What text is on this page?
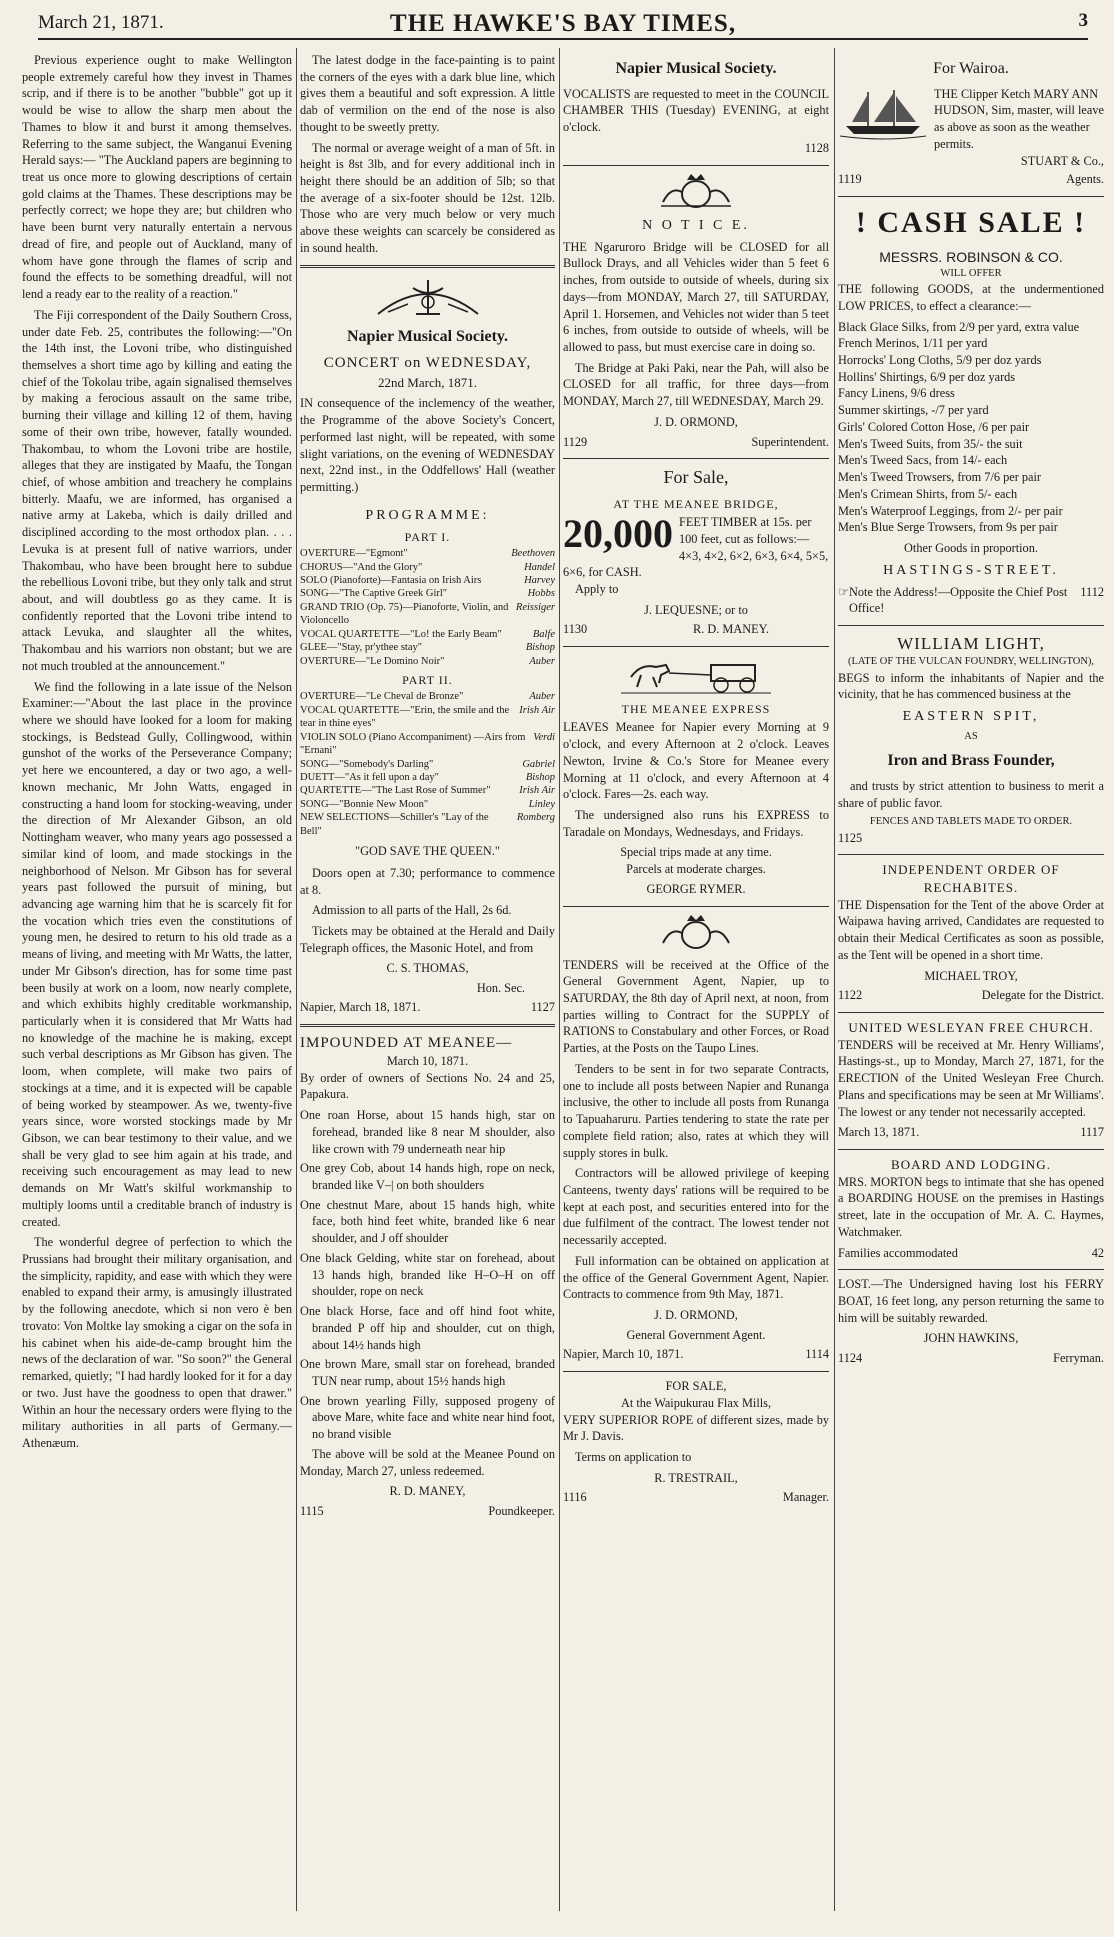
March 21, 1871.	THE HAWKE'S BAY TIMES,	3

Previous experience ought to make Wellington people extremely careful how they invest in Thames scrip, and if there is to be another "bubble" got up it would be wise to allow the sharp men about the Thames to blow it and burst it among themselves. Referring to the same subject, the Wanganui Evening Herald says:— "The Auckland papers are beginning to treat us once more to glowing descriptions of certain gold claims at the Thames. These descriptions may be perfectly correct; we hope they are; but children who have been burnt very naturally entertain a nervous dread of fire, and people out of Auckland, many of whom have gone through the flames of scrip and found the effects to be something dreadful, will not lend a ready ear to the reality of a reaction."

The Fiji correspondent of the Daily Southern Cross, under date Feb. 25, contributes the following:—"On the 14th inst, the Lovoni tribe, who distinguished themselves a short time ago by killing and eating the chief of the Tokolau tribe, again signalised themselves by making a ferocious assault on the same tribe, burning their village and killing 12 of them, having some of their own tribe, however, fatally wounded. Thakombau, to whom the Lovoni tribe are hostile, alleges that they are instigated by Maafu, the Tongan chief, of whose ambition and treachery he complains bitterly. Maafu, we are informed, has organised a native army at Lakeba, which is daily drilled and disciplined according to the most orthodox plan. . . . Levuka is at present full of native warriors, under Thakombau, who have been brought here to subdue the rebellious Lovoni tribe, but they only talk and strut about, and will doubtless go as they came. It is confidently reported that the Lovoni tribe intend to attack Levuka, and slaughter all the whites, Thakombau and his warriors non obstant; but we are not much troubled at the announcement."

We find the following in a late issue of the Nelson Examiner:—"About the last place in the province where we should have looked for a loom for making stockings, is Bedstead Gully, Collingwood, within gunshot of the works of the Perseverance Company; yet here we encountered, a day or two ago, a well-known mechanic, Mr John Watts, engaged in constructing a hand loom for stocking-weaving, under the direction of Mr Alexander Gibson, an old Nottingham weaver, who many years ago possessed a similar kind of loom, and made stockings in the neighborhood of Nelson. Mr Gibson has for several years past followed the pursuit of mining, but advancing age warning him that he is scarcely fit for the vocation which tries even the constitutions of young men, he desired to return to his old trade as a means of living, and meeting with Mr Watts, the latter, under Mr Gibson's direction, has for some time past been busily at work on a loom, now nearly complete, and which exhibits highly creditable workmanship, particularly when it is considered that Mr Watts had no knowledge of the machine he is making, except such verbal descriptions as Mr Gibson has given. The loom, when complete, will make two pairs of stockings at a time, and it is expected will be capable of being worked by steampower. As we, twenty-five years since, wore worsted stockings made by Mr Gibson, we can bear testimony to their value, and we shall be very glad to see him again at his trade, and receiving such encouragement as may lead to new demands on Mr Watt's skilful workmanship to multiply looms until a creditable branch of industry is created.

The wonderful degree of perfection to which the Prussians had brought their military organisation, and the simplicity, rapidity, and ease with which they were enabled to expand their army, is amusingly illustrated by the following anecdote, which si non vero è ben trovato: Von Moltke lay smoking a cigar on the sofa in his cabinet when his aide-de-camp brought him the news of the declaration of war. "So soon?" the General remarked, quietly; "I had hardly looked for it for a day or two. Just have the goodness to open that drawer." Within an hour the necessary orders were flying to the military authorities in all parts of Germany.—Athenæum.

The latest dodge in the face-painting is to paint the corners of the eyes with a dark blue line, which gives them a beautiful and soft expression. A little dab of vermilion on the end of the nose is also thought to be sweetly pretty.

The normal or average weight of a man of 5ft. in height is 8st 3lb, and for every additional inch in height there should be an addition of 5lb; so that the average of a six-footer should be 12st. 12lb. Those who are very much below or very much above these weights can scarcely be considered as in sound health.

Napier Musical Society.
CONCERT on WEDNESDAY,
22nd March, 1871.

IN consequence of the inclemency of the weather, the Programme of the above Society's Concert, performed last night, will be repeated, with some slight variations, on the evening of WEDNESDAY next, 22nd inst., in the Oddfellows' Hall (weather permitting.)

PROGRAMME:
PART I.
OVERTURE—"Egmont"	Beethoven
CHORUS—"And the Glory"	Handel
SOLO (Pianoforte)—Fantasia on Irish Airs	Harvey
SONG—"The Captive Greek Girl"	Hobbs
GRAND TRIO (Op. 75)—Pianoforte, Violin, and Violoncello
Reissiger
VOCAL QUARTETTE—"Lo! the Early Beam"	Balfe
GLEE—"Stay, pr'ythee stay"	Bishop
OVERTURE—"Le Domino Noir"	Auber
PART II.
OVERTURE—"Le Cheval de Bronze"	Auber
VOCAL QUARTETTE—"Erin, the smile and the tear in thine eyes"
Irish Air
VIOLIN SOLO (Piano Accompaniment) —Airs from "Ernani"
Verdi
SONG—"Somebody's Darling"	Gabriel
DUETT—"As it fell upon a day"	Bishop
QUARTETTE—"The Last Rose of Summer"	Irish Air
SONG—"Bonnie New Moon"	Linley
NEW SELECTIONS—Schiller's "Lay of the Bell"
Romberg
"GOD SAVE THE QUEEN."

Doors open at 7.30; performance to commence at 8.

Admission to all parts of the Hall, 2s 6d.

Tickets may be obtained at the Herald and Daily Telegraph offices, the Masonic Hotel, and from

C. S. THOMAS,
Hon. Sec.
Napier, March 18, 1871.	1127
IMPOUNDED AT MEANEE—
March 10, 1871.

By order of owners of Sections No. 24 and 25, Papakura.

One roan Horse, about 15 hands high, star on forehead, branded like 8 near M shoulder, also like crown with 79 underneath near hip
One grey Cob, about 14 hands high, rope on neck, branded like V–| on both shoulders
One chestnut Mare, about 15 hands high, white face, both hind feet white, branded like 6 near shoulder, and J off shoulder
One black Gelding, white star on forehead, about 13 hands high, branded like H–O–H on off shoulder, rope on neck
One black Horse, face and off hind foot white, branded P off hip and shoulder, cut on thigh, about 14½ hands high
One brown Mare, small star on forehead, branded TUN near rump, about 15½ hands high
One brown yearling Filly, supposed progeny of above Mare, white face and white near hind foot, no brand visible

The above will be sold at the Meanee Pound on Monday, March 27, unless redeemed.

R. D. MANEY,
1115	Poundkeeper.
Napier Musical Society.

VOCALISTS are requested to meet in the COUNCIL CHAMBER THIS (Tuesday) EVENING, at eight o'clock.

1128
N O T I C E.

THE Ngaruroro Bridge will be CLOSED for all Bullock Drays, and all Vehicles wider than 5 feet 6 inches, from outside to outside of wheels, during six days—from MONDAY, March 27, till SATURDAY, April 1. Horsemen, and Vehicles not wider than 5 teet 6 inches, from outside to outside of wheels, will be allowed to pass, but must exercise care in doing so.

The Bridge at Paki Paki, near the Pah, will also be CLOSED for all traffic, for three days—from MONDAY, March 27, till WEDNESDAY, March 29.

J. D. ORMOND,
1129	Superintendent.
For Sale,
AT THE MEANEE BRIDGE,
20,000 FEET TIMBER at 15s. per 100 feet, cut as follows:— 4×3, 4×2, 6×2, 6×3, 6×4, 5×5, 6×6, for CASH.

Apply to

J. LEQUESNE; or to
1130	R. D. MANEY.
THE MEANEE EXPRESS

LEAVES Meanee for Napier every Morning at 9 o'clock, and every Afternoon at 2 o'clock. Leaves Newton, Irvine & Co.'s Store for Meanee every Morning at 11 o'clock, and every Afternoon at 4 o'clock. Fares—2s. each way.

The undersigned also runs his EXPRESS to Taradale on Mondays, Wednesdays, and Fridays.

Special trips made at any time.
Parcels at moderate charges.
GEORGE RYMER.

TENDERS will be received at the Office of the General Government Agent, Napier, up to SATURDAY, the 8th day of April next, at noon, from parties willing to Contract for the SUPPLY of RATIONS to Constabulary and other Forces, or Road Parties, at the Posts on the Taupo Lines.

Tenders to be sent in for two separate Contracts, one to include all posts between Napier and Runanga inclusive, the other to include all posts from Runanga to Tapuaharuru. Parties tendering to state the rate per complete field ration; also, rates at which they will supply stores in bulk.

Contractors will be allowed privilege of keeping Canteens, twenty days' rations will be required to be kept at each post, and securities entered into for the due fulfilment of the contract. The lowest tender not necessarily accepted.

Full information can be obtained on application at the office of the General Government Agent, Napier. Contracts to commence from 9th May, 1871.

J. D. ORMOND,
General Government Agent.
Napier, March 10, 1871.	1114
FOR SALE,
At the Waipukurau Flax Mills,

VERY SUPERIOR ROPE of different sizes, made by Mr J. Davis.

Terms on application to

R. TRESTRAIL,
1116	Manager.
For Wairoa.
THE Clipper Ketch MARY ANN HUDSON, Sim, master, will leave as above as soon as the weather permits.
STUART & Co.,
1119	Agents.
! CASH SALE !
MESSRS. ROBINSON & CO.
WILL OFFER

THE following GOODS, at the undermentioned LOW PRICES, to effect a clearance:—

Black Glace Silks, from 2/9 per yard, extra value
French Merinos, 1/11 per yard
Horrocks' Long Cloths, 5/9 per doz yards
Hollins' Shirtings, 6/9 per doz yards
Fancy Linens, 9/6 dress
Summer skirtings, -/7 per yard
Girls' Colored Cotton Hose, /6 per pair
Men's Tweed Suits, from 35/- the suit
Men's Tweed Sacs, from 14/- each
Men's Tweed Trowsers, from 7/6 per pair
Men's Crimean Shirts, from 5/- each
Men's Waterproof Leggings, from 2/- per pair
Men's Blue Serge Trowsers, from 9s per pair
Other Goods in proportion.
HASTINGS-STREET.
☞ Note the Address!—Opposite the Chief Post Office!
1112
WILLIAM LIGHT,
(LATE OF THE VULCAN FOUNDRY, WELLINGTON),

BEGS to inform the inhabitants of Napier and the vicinity, that he has commenced business at the

EASTERN SPIT,
AS
Iron and Brass Founder,

and trusts by strict attention to business to merit a share of public favor.

FENCES AND TABLETS MADE TO ORDER.
1125
INDEPENDENT ORDER OF RECHABITES.

THE Dispensation for the Tent of the above Order at Waipawa having arrived, Candidates are requested to obtain their Medical Certificates as soon as possible, as the Tent will be opened in a short time.

MICHAEL TROY,
1122	Delegate for the District.
UNITED WESLEYAN FREE CHURCH.

TENDERS will be received at Mr. Henry Williams', Hastings-st., up to Monday, March 27, 1871, for the ERECTION of the United Wesleyan Free Church. Plans and specifications may be seen at Mr Williams'. The lowest or any tender not necessarily accepted.

March 13, 1871.	1117
BOARD AND LODGING.

MRS. MORTON begs to intimate that she has opened a BOARDING HOUSE on the premises in Hastings street, late in the occupation of Mr. A. C. Haymes, Watchmaker.

Families accommodated	42

LOST.—The Undersigned having lost his FERRY BOAT, 16 feet long, any person returning the same to him will be suitably rewarded.

JOHN HAWKINS,
1124	Ferryman.
